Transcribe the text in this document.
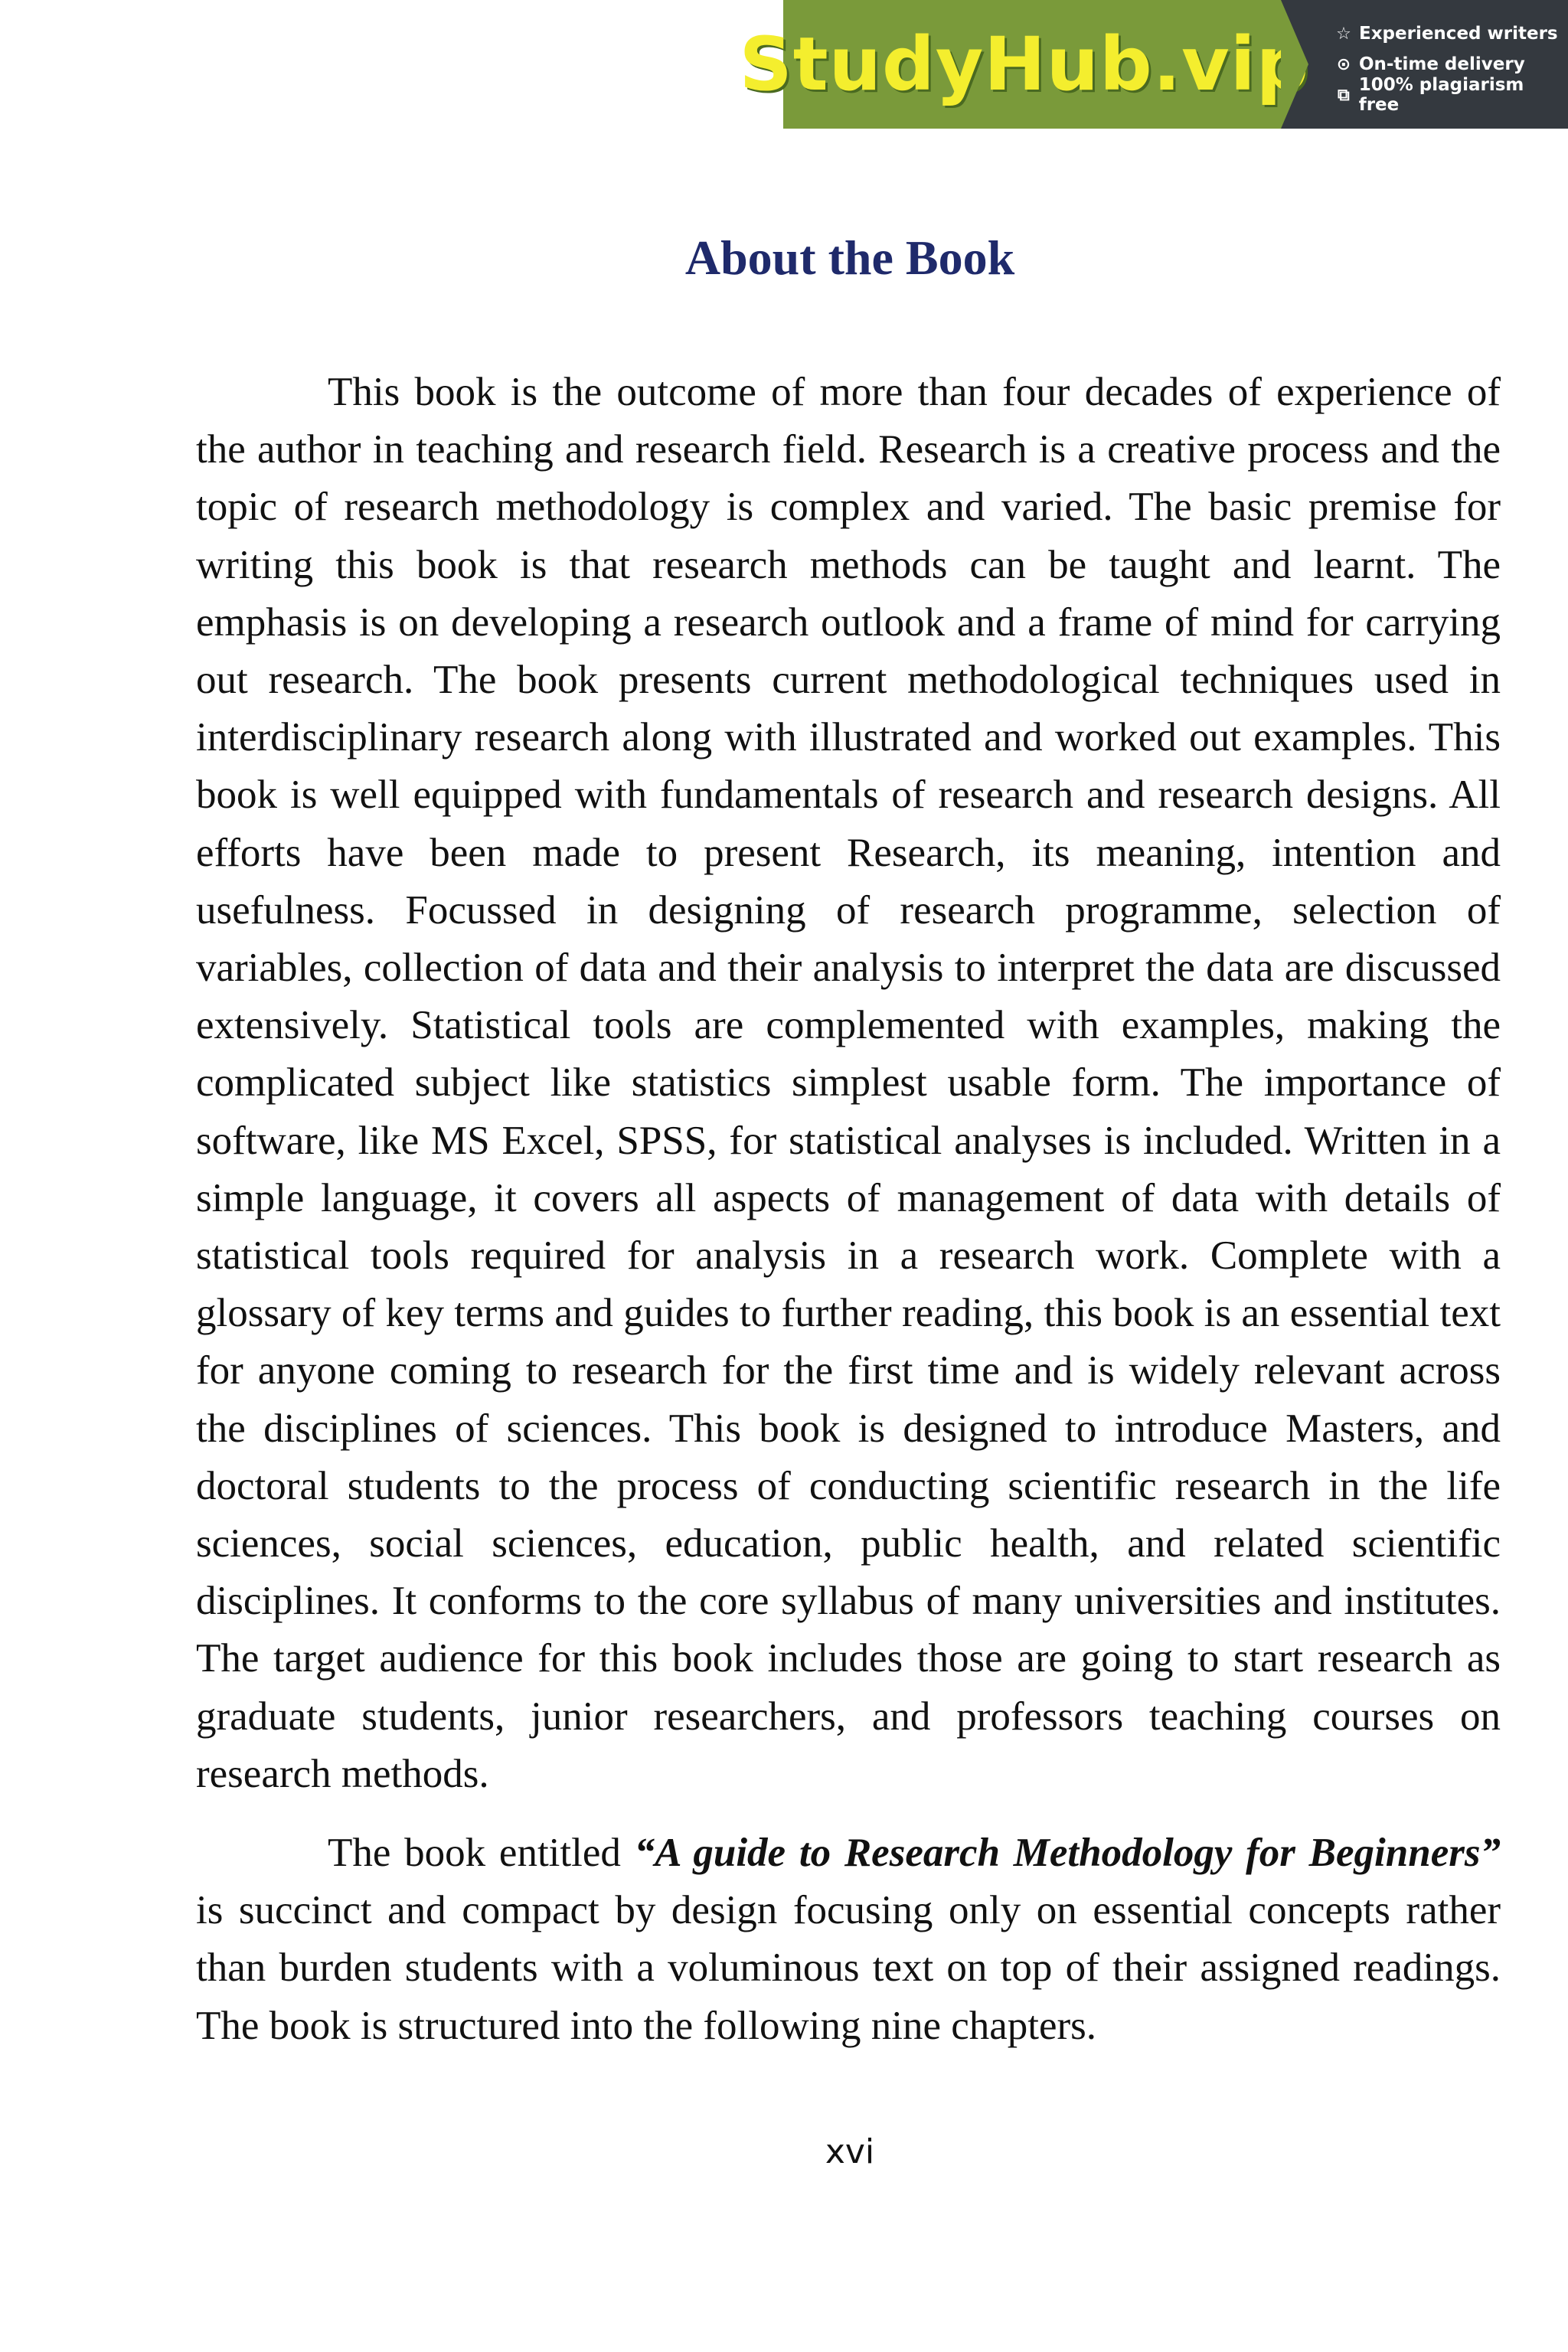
StudyHub.vip ☆ Experienced writers
⊙ On-time delivery
⧉ 100% plagiarism free
About the Book

This book is the outcome of more than four decades of experience of the author in teaching and research field. Research is a creative process and the topic of research methodology is complex and varied. The basic premise for writing this book is that research methods can be taught and learnt. The emphasis is on developing a research outlook and a frame of mind for carrying out research. The book presents current methodological techniques used in interdisciplinary research along with illustrated and worked out examples. This book is well equipped with fundamentals of research and research designs. All efforts have been made to present Research, its meaning, intention and usefulness. Focussed in designing of research programme, selection of variables, collection of data and their analysis to interpret the data are discussed extensively. Statistical tools are complemented with examples, making the complicated subject like statistics simplest usable form. The importance of software, like MS Excel, SPSS, for statistical analyses is included. Written in a simple language, it covers all aspects of management of data with details of statistical tools required for analysis in a research work. Complete with a glossary of key terms and guides to further reading, this book is an essential text for anyone coming to research for the first time and is widely relevant across the disciplines of sciences. This book is designed to introduce Masters, and doctoral students to the process of conducting scientific research in the life sciences, social sciences, education, public health, and related scientific disciplines. It conforms to the core syllabus of many universities and institutes. The target audience for this book includes those are going to start research as graduate students, junior researchers, and professors teaching courses on research methods.

The book entitled “A guide to Research Methodology for Beginners” is succinct and compact by design focusing only on essential concepts rather than burden students with a voluminous text on top of their assigned readings. The book is structured into the following nine chapters.

xvi
